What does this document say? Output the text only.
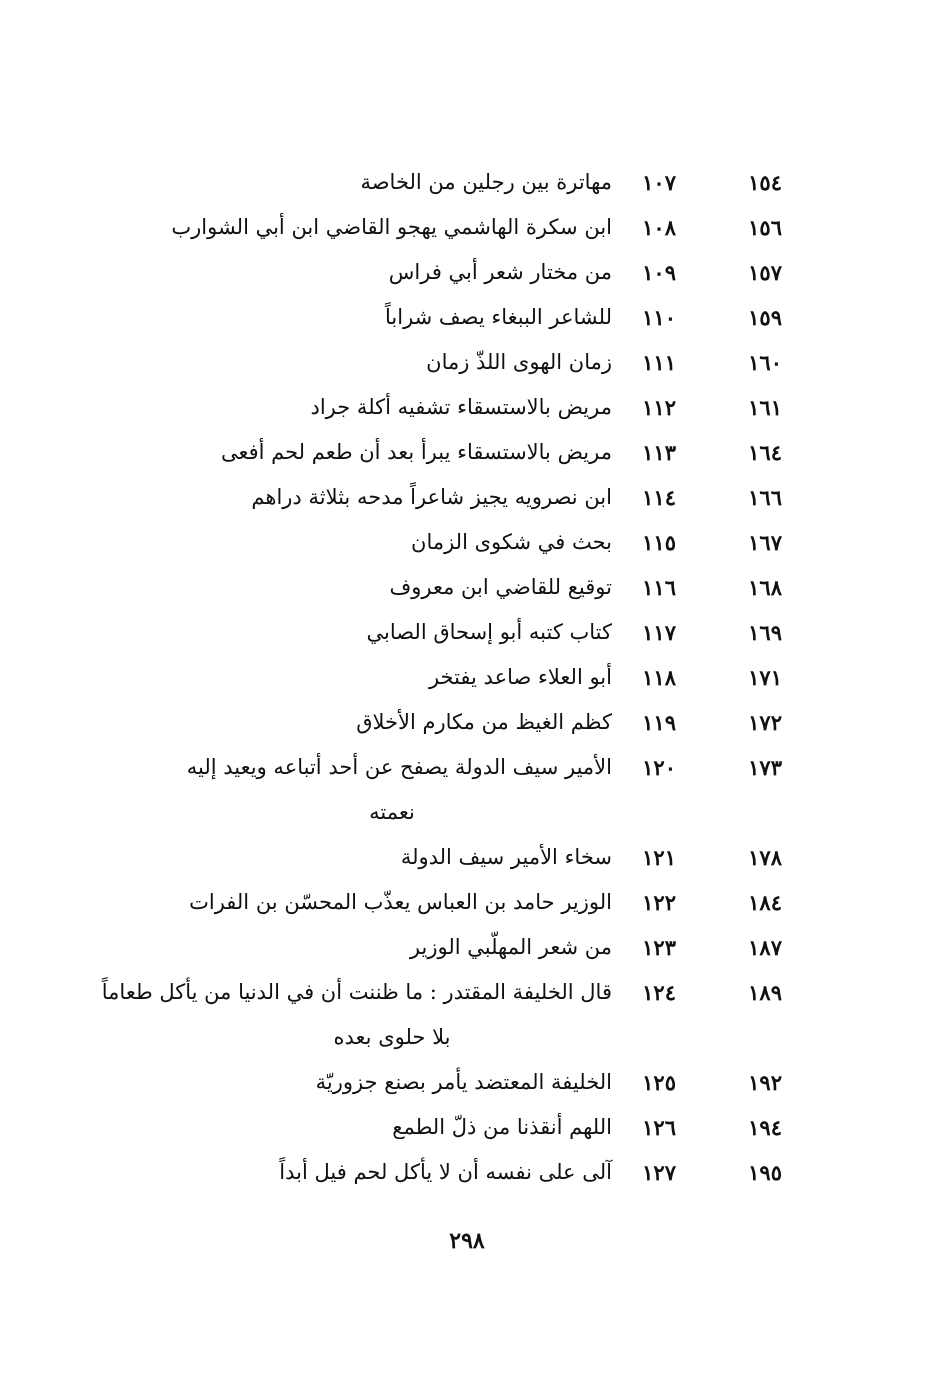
١٥٤
١٠٧
مهاترة بين رجلين من الخاصة
١٥٦
١٠٨
ابن سكرة الهاشمي يهجو القاضي ابن أبي الشوارب
١٥٧
١٠٩
من مختار شعر أبي فراس
١٥٩
١١٠
للشاعر الببغاء يصف شراباً
١٦٠
١١١
زمان الهوى اللذّ زمان
١٦١
١١٢
مريض بالاستسقاء تشفيه أكلة جراد
١٦٤
١١٣
مريض بالاستسقاء يبرأ بعد أن طعم لحم أفعى
١٦٦
١١٤
ابن نصرويه يجيز شاعراً مدحه بثلاثة دراهم
١٦٧
١١٥
بحث في شكوى الزمان
١٦٨
١١٦
توقيع للقاضي ابن معروف
١٦٩
١١٧
كتاب كتبه أبو إسحاق الصابي
١٧١
١١٨
أبو العلاء صاعد يفتخر
١٧٢
١١٩
كظم الغيظ من مكارم الأخلاق
١٧٣
١٢٠
الأمير سيف الدولة يصفح عن أحد أتباعه ويعيد إليه
نعمته
١٧٨
١٢١
سخاء الأمير سيف الدولة
١٨٤
١٢٢
الوزير حامد بن العباس يعذّب المحسّن بن الفرات
١٨٧
١٢٣
من شعر المهلّبي الوزير
١٨٩
١٢٤
قال الخليفة المقتدر : ما ظننت أن في الدنيا من يأكل طعاماً
بلا حلوى بعده
١٩٢
١٢٥
الخليفة المعتضد يأمر بصنع جزوريّة
١٩٤
١٢٦
اللهم أنقذنا من ذلّ الطمع
١٩٥
١٢٧
آلى على نفسه أن لا يأكل لحم فيل أبداً
٢٩٨
